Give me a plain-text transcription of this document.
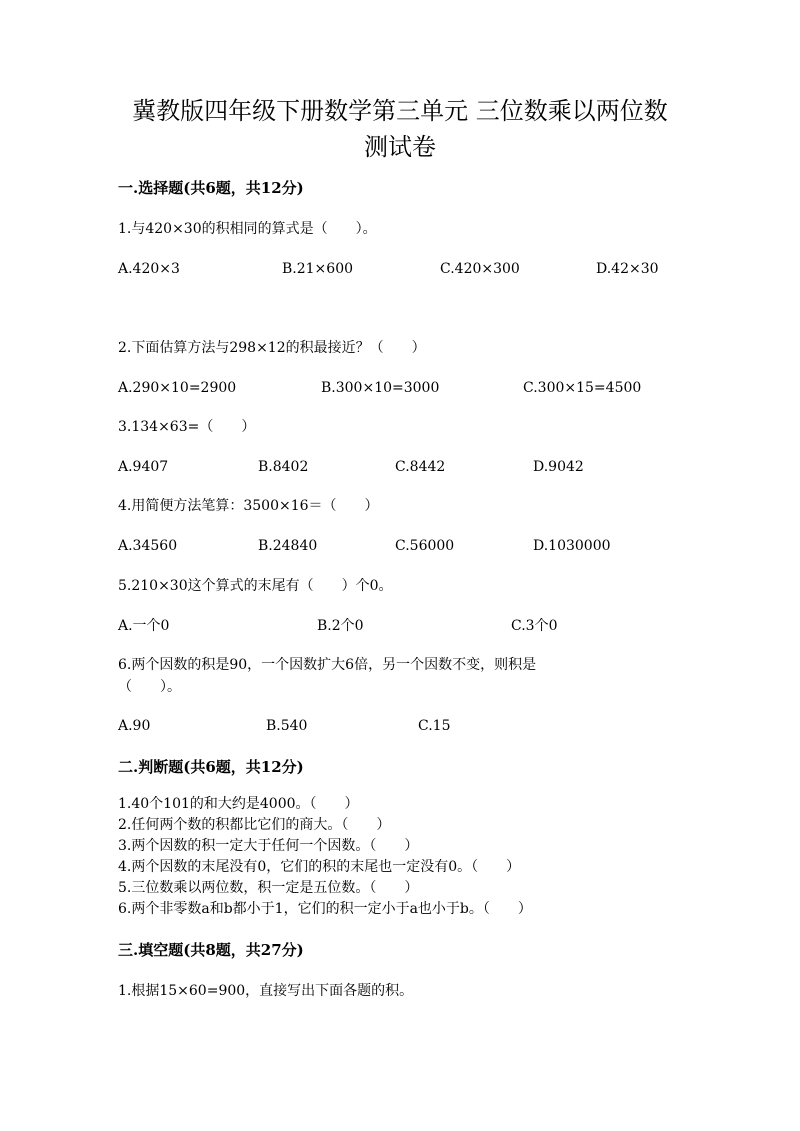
冀教版四年级下册数学第三单元 三位数乘以两位数
测试卷
一.选择题(共6题，共12分)
1.与420×30的积相同的算式是（　　）。
A.420×3	B.21×600	C.420×300	D.42×30
2.下面估算方法与298×12的积最接近？（　　）
A.290×10=2900	B.300×10=3000	C.300×15=4500
3.134×63=（　　）
A.9407	B.8402	C.8442	D.9042
4.用简便方法笔算：3500×16＝（　　）
A.34560	B.24840	C.56000	D.1030000
5.210×30这个算式的末尾有（　　）个0。
A.一个0	B.2个0	C.3个0
6.两个因数的积是90，一个因数扩大6倍，另一个因数不变，则积是
（　　）。
A.90	B.540	C.15
二.判断题(共6题，共12分)
1.40个101的和大约是4000。（　　）
2.任何两个数的积都比它们的商大。（　　）
3.两个因数的积一定大于任何一个因数。（　　）
4.两个因数的末尾没有0，它们的积的末尾也一定没有0。（　　）
5.三位数乘以两位数，积一定是五位数。（　　）
6.两个非零数a和b都小于1，它们的积一定小于a也小于b。（　　）
三.填空题(共8题，共27分)
1.根据15×60=900，直接写出下面各题的积。
